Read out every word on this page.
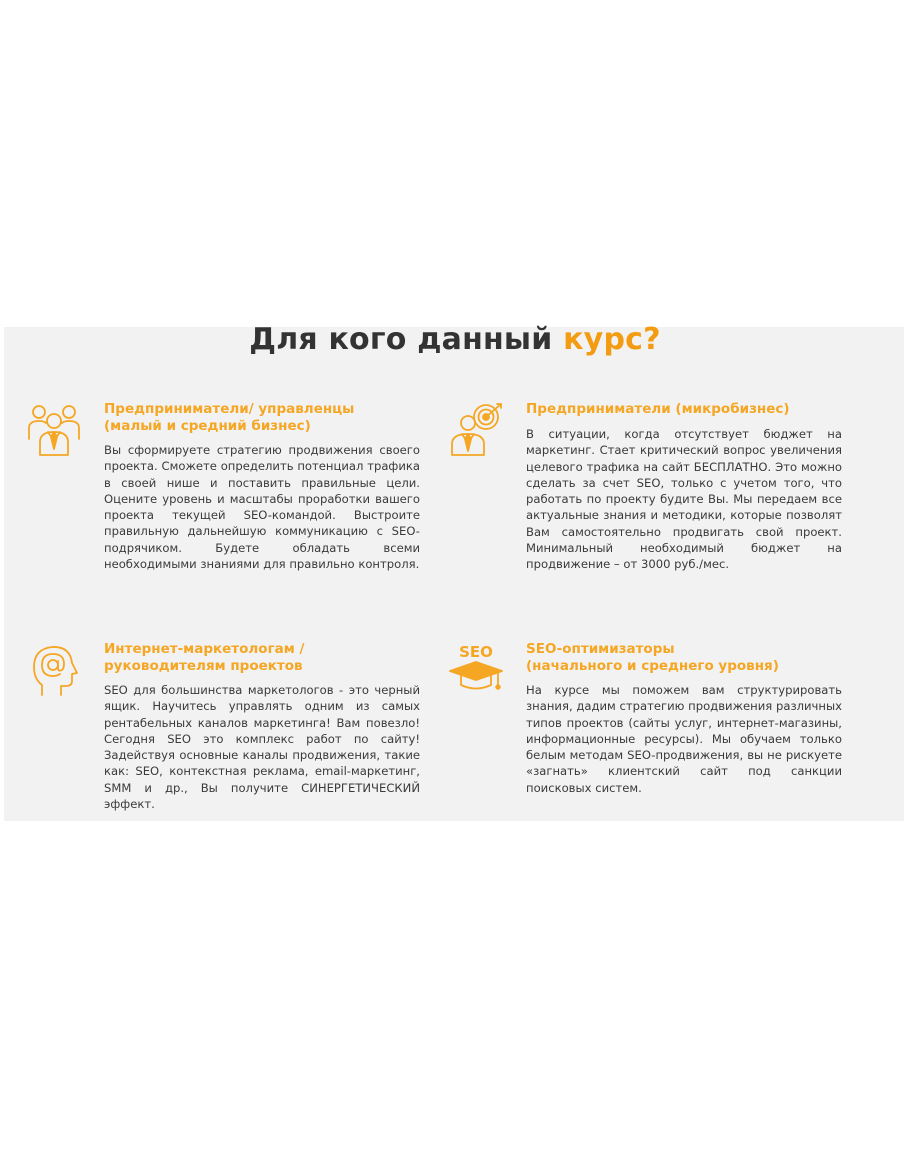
Для кого данный курс?
Предприниматели/ управленцы
(малый и средний бизнес)

Вы сформируете стратегию продвижения своего проекта. Сможете определить потенциал трафика в своей нише и поставить правильные цели. Оцените уровень и масштабы проработки вашего проекта текущей SEO-командой. Выстроите правильную дальнейшую коммуникацию с SEO-подрячиком. Будете обладать всеми необходимыми знаниями для правильно контроля.

Предприниматели (микробизнес)

В ситуации, когда отсутствует бюджет на маркетинг. Стает критический вопрос увеличения целевого трафика на сайт БЕСПЛАТНО. Это можно сделать за счет SEO, только с учетом того, что работать по проекту будите Вы. Мы передаем все актуальные знания и методики, которые позволят Вам самостоятельно продвигать свой проект. Минимальный необходимый бюджет на продвижение – от 3000 руб./мес.

Интернет-маркетологам /
руководителям проектов

SEO для большинства маркетологов - это черный ящик. Научитесь управлять одним из самых рентабельных каналов маркетинга! Вам повезло! Сегодня SEO это комплекс работ по сайту! Задействуя основные каналы продвижения, такие как: SEO, контекстная реклама, email-маркетинг, SMM и др., Вы получите СИНЕРГЕТИЧЕСКИЙ эффект.

SEO SEO-оптимизаторы
(начального и среднего уровня)

На курсе мы поможем вам структурировать знания, дадим стратегию продвижения различных типов проектов (сайты услуг, интернет-магазины, информационные ресурсы). Мы обучаем только белым методам SEO-продвижения, вы не рискуете «загнать» клиентский сайт под санкции поисковых систем.
